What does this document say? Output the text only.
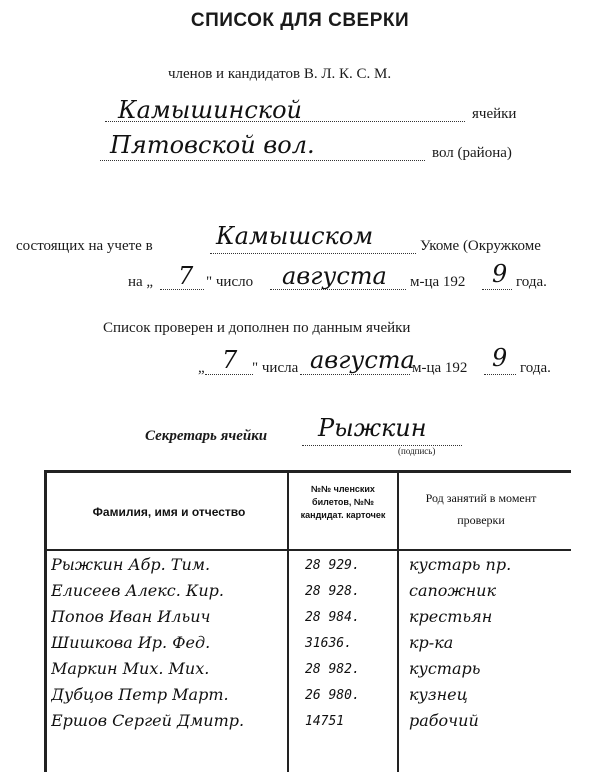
СПИСОК ДЛЯ СВЕРКИ
членов и кандидатов В. Л. К. С. М.
Камышинской	ячейки
Пятовской вол.	вол (района)
состоящих на учете в	Камышском	Укоме (Окружкоме
на „ 7 " число августа м-ца 192 9 года.
Список проверен и дополнен по данным ячейки
„ 7 " числа августа
м-ца 192 9 года.
Секретарь ячейки Рыжкин
(подпись)
Фамилия, имя и отчество
№№ членских билетов, №№ кандидат. карточек
Род занятий в момент проверки
Рыжкин Абр. Тим.	28 929.	кустарь пр.
Елисеев Алекс. Кир.	28 928.	сапожник
Попов Иван Ильич	28 984.	крестьян
Шишкова Ир. Фед.	31636.	кр-ка
Маркин Мих. Мих.	28 982.	кустарь
Дубцов Петр Март.	26 980.	кузнец
Ершов Сергей Дмитр.	14751	рабочий
